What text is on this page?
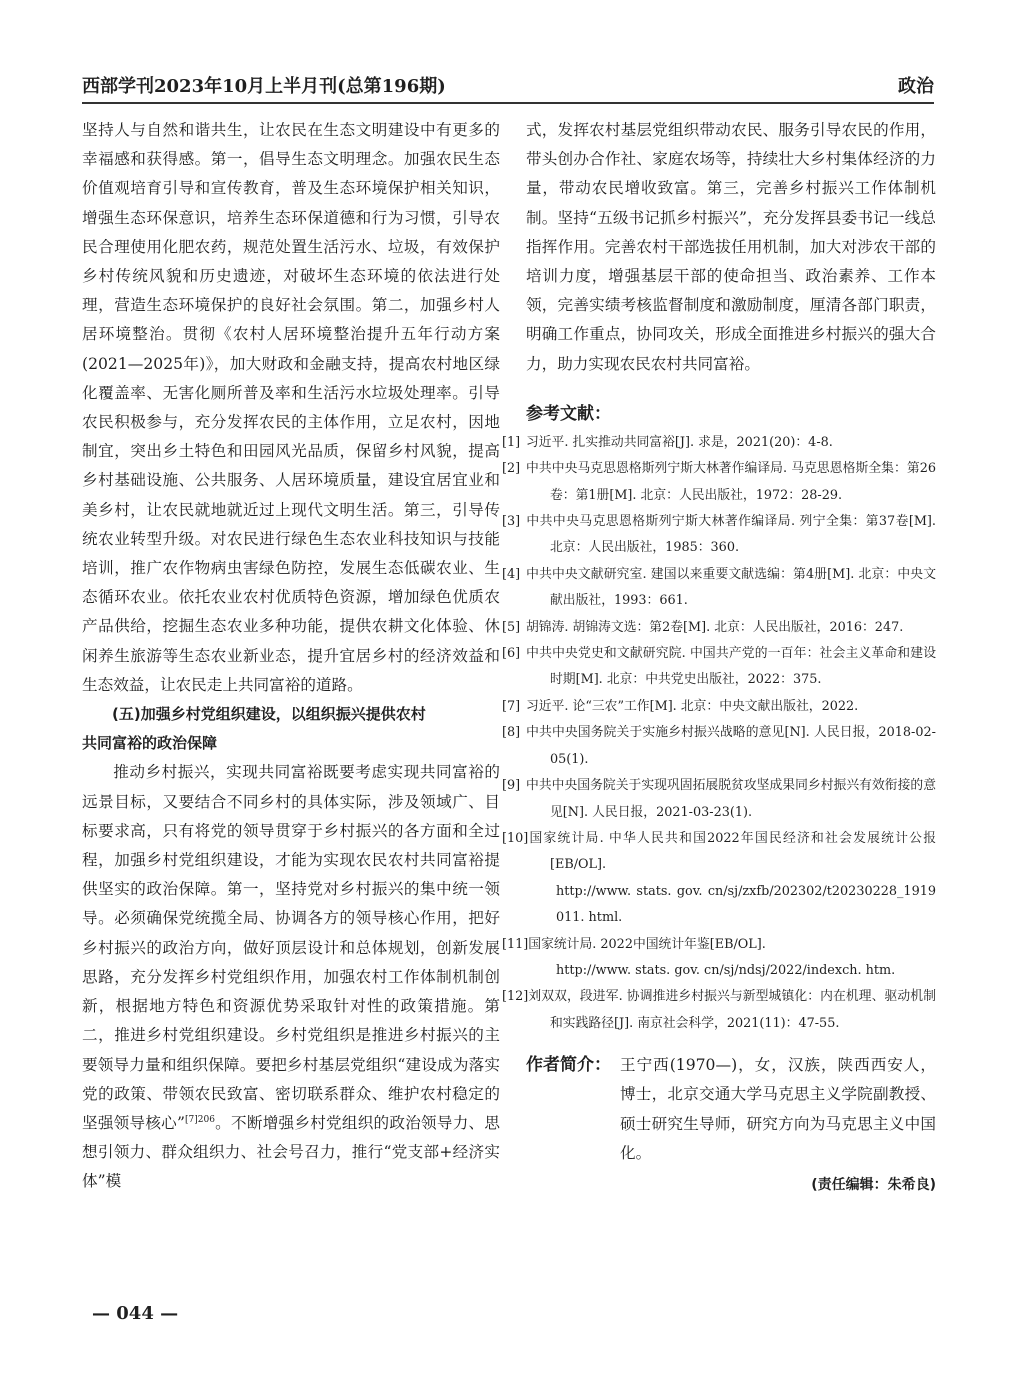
西部学刊2023年10月上半月刊(总第196期)	政治

坚持人与自然和谐共生，让农民在生态文明建设中有更多的幸福感和获得感。第一，倡导生态文明理念。加强农民生态价值观培育引导和宣传教育，普及生态环境保护相关知识，增强生态环保意识，培养生态环保道德和行为习惯，引导农民合理使用化肥农药，规范处置生活污水、垃圾，有效保护乡村传统风貌和历史遗迹，对破坏生态环境的依法进行处理，营造生态环境保护的良好社会氛围。第二，加强乡村人居环境整治。贯彻《农村人居环境整治提升五年行动方案(2021—2025年)》，加大财政和金融支持，提高农村地区绿化覆盖率、无害化厕所普及率和生活污水垃圾处理率。引导农民积极参与，充分发挥农民的主体作用，立足农村，因地制宜，突出乡土特色和田园风光品质，保留乡村风貌，提高乡村基础设施、公共服务、人居环境质量，建设宜居宜业和美乡村，让农民就地就近过上现代文明生活。第三，引导传统农业转型升级。对农民进行绿色生态农业科技知识与技能培训，推广农作物病虫害绿色防控，发展生态低碳农业、生态循环农业。依托农业农村优质特色资源，增加绿色优质农产品供给，挖掘生态农业多种功能，提供农耕文化体验、休闲养生旅游等生态农业新业态，提升宜居乡村的经济效益和生态效益，让农民走上共同富裕的道路。

(五)加强乡村党组织建设，以组织振兴提供农村

共同富裕的政治保障

推动乡村振兴，实现共同富裕既要考虑实现共同富裕的远景目标，又要结合不同乡村的具体实际，涉及领域广、目标要求高，只有将党的领导贯穿于乡村振兴的各方面和全过程，加强乡村党组织建设，才能为实现农民农村共同富裕提供坚实的政治保障。第一，坚持党对乡村振兴的集中统一领导。必须确保党统揽全局、协调各方的领导核心作用，把好乡村振兴的政治方向，做好顶层设计和总体规划，创新发展思路，充分发挥乡村党组织作用，加强农村工作体制机制创新，根据地方特色和资源优势采取针对性的政策措施。第二，推进乡村党组织建设。乡村党组织是推进乡村振兴的主要领导力量和组织保障。要把乡村基层党组织“建设成为落实党的政策、带领农民致富、密切联系群众、维护农村稳定的坚强领导核心”$^{[7]206}$。不断增强乡村党组织的政治领导力、思想引领力、群众组织力、社会号召力，推行“党支部+经济实体”模

式，发挥农村基层党组织带动农民、服务引导农民的作用，带头创办合作社、家庭农场等，持续壮大乡村集体经济的力量，带动农民增收致富。第三，完善乡村振兴工作体制机制。坚持“五级书记抓乡村振兴”，充分发挥县委书记一线总指挥作用。完善农村干部选拔任用机制，加大对涉农干部的培训力度，增强基层干部的使命担当、政治素养、工作本领，完善实绩考核监督制度和激励制度，厘清各部门职责，明确工作重点，协同攻关，形成全面推进乡村振兴的强大合力，助力实现农民农村共同富裕。

参考文献：
[1] 习近平. 扎实推动共同富裕[J]. 求是，2021(20)：4-8.
[2] 中共中央马克思恩格斯列宁斯大林著作编译局. 马克思恩格斯全集：第26卷：第1册[M]. 北京：人民出版社，1972：28-29.
[3] 中共中央马克思恩格斯列宁斯大林著作编译局. 列宁全集：第37卷[M]. 北京：人民出版社，1985：360.
[4] 中共中央文献研究室. 建国以来重要文献选编：第4册[M]. 北京：中央文献出版社，1993：661.
[5] 胡锦涛. 胡锦涛文选：第2卷[M]. 北京：人民出版社，2016：247.
[6] 中共中央党史和文献研究院. 中国共产党的一百年：社会主义革命和建设时期[M]. 北京：中共党史出版社，2022：375.
[7] 习近平. 论“三农”工作[M]. 北京：中央文献出版社，2022.
[8] 中共中央国务院关于实施乡村振兴战略的意见[N]. 人民日报，2018-02-05(1).
[9] 中共中央国务院关于实现巩固拓展脱贫攻坚成果同乡村振兴有效衔接的意见[N]. 人民日报，2021-03-23(1).
[10]国家统计局. 中华人民共和国2022年国民经济和社会发展统计公报[EB/OL].
http://www. stats. gov. cn/sj/zxfb/202302/t20230228_1919011. html.
[11]国家统计局. 2022中国统计年鉴[EB/OL].
http://www. stats. gov. cn/sj/ndsj/2022/indexch. htm.
[12]刘双双，段进军. 协调推进乡村振兴与新型城镇化：内在机理、驱动机制和实践路径[J]. 南京社会科学，2021(11)：47-55.
作者简介： 王宁西(1970—)，女，汉族，陕西西安人，博士，北京交通大学马克思主义学院副教授、硕士研究生导师，研究方向为马克思主义中国化。
(责任编辑：朱希良)
— 044 —
